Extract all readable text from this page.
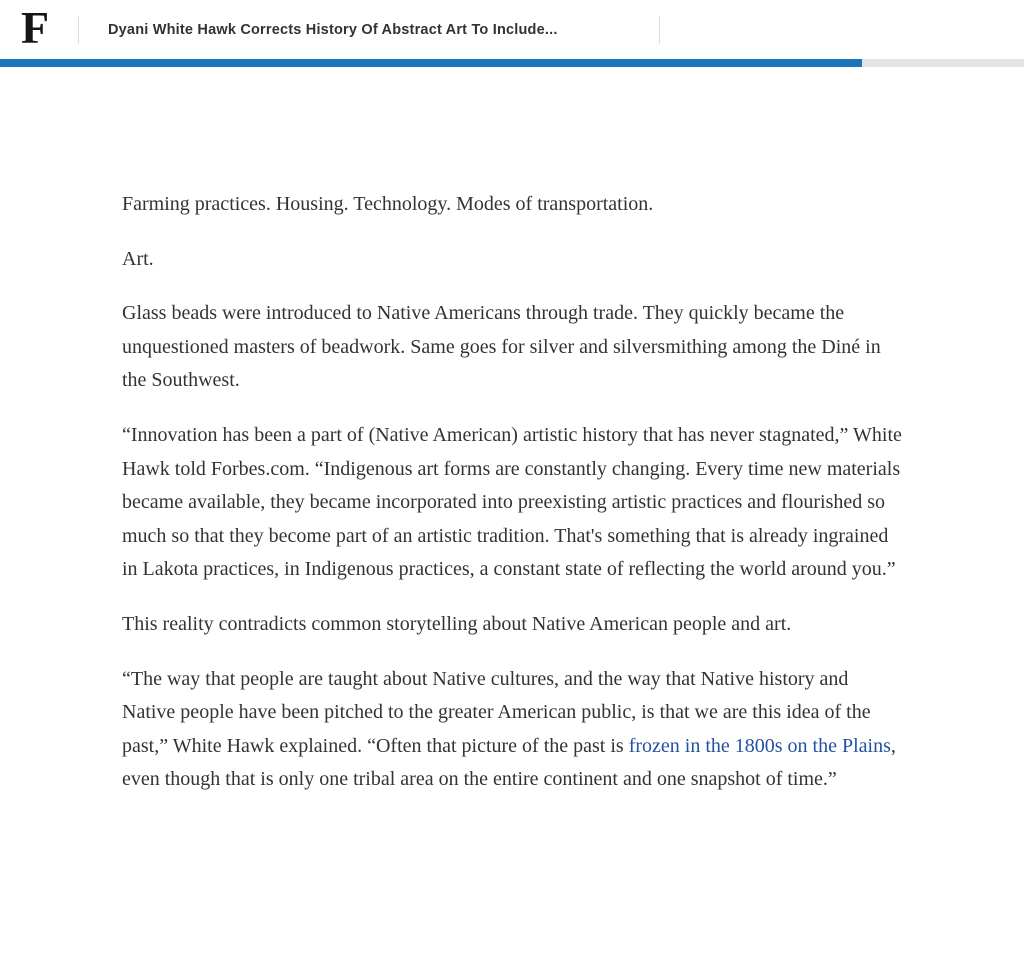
F	Dyani White Hawk Corrects History Of Abstract Art To Include...

Farming practices. Housing. Technology. Modes of transportation.

Art.

Glass beads were introduced to Native Americans through trade. They quickly became the unquestioned masters of beadwork. Same goes for silver and silversmithing among the Diné in the Southwest.

“Innovation has been a part of (Native American) artistic history that has never stagnated,” White Hawk told Forbes.com. “Indigenous art forms are constantly changing. Every time new materials became available, they became incorporated into preexisting artistic practices and flourished so much so that they become part of an artistic tradition. That's something that is already ingrained in Lakota practices, in Indigenous practices, a constant state of reflecting the world around you.”

This reality contradicts common storytelling about Native American people and art.

“The way that people are taught about Native cultures, and the way that Native history and Native people have been pitched to the greater American public, is that we are this idea of the past,” White Hawk explained. “Often that picture of the past is frozen in the 1800s on the Plains, even though that is only one tribal area on the entire continent and one snapshot of time.”
